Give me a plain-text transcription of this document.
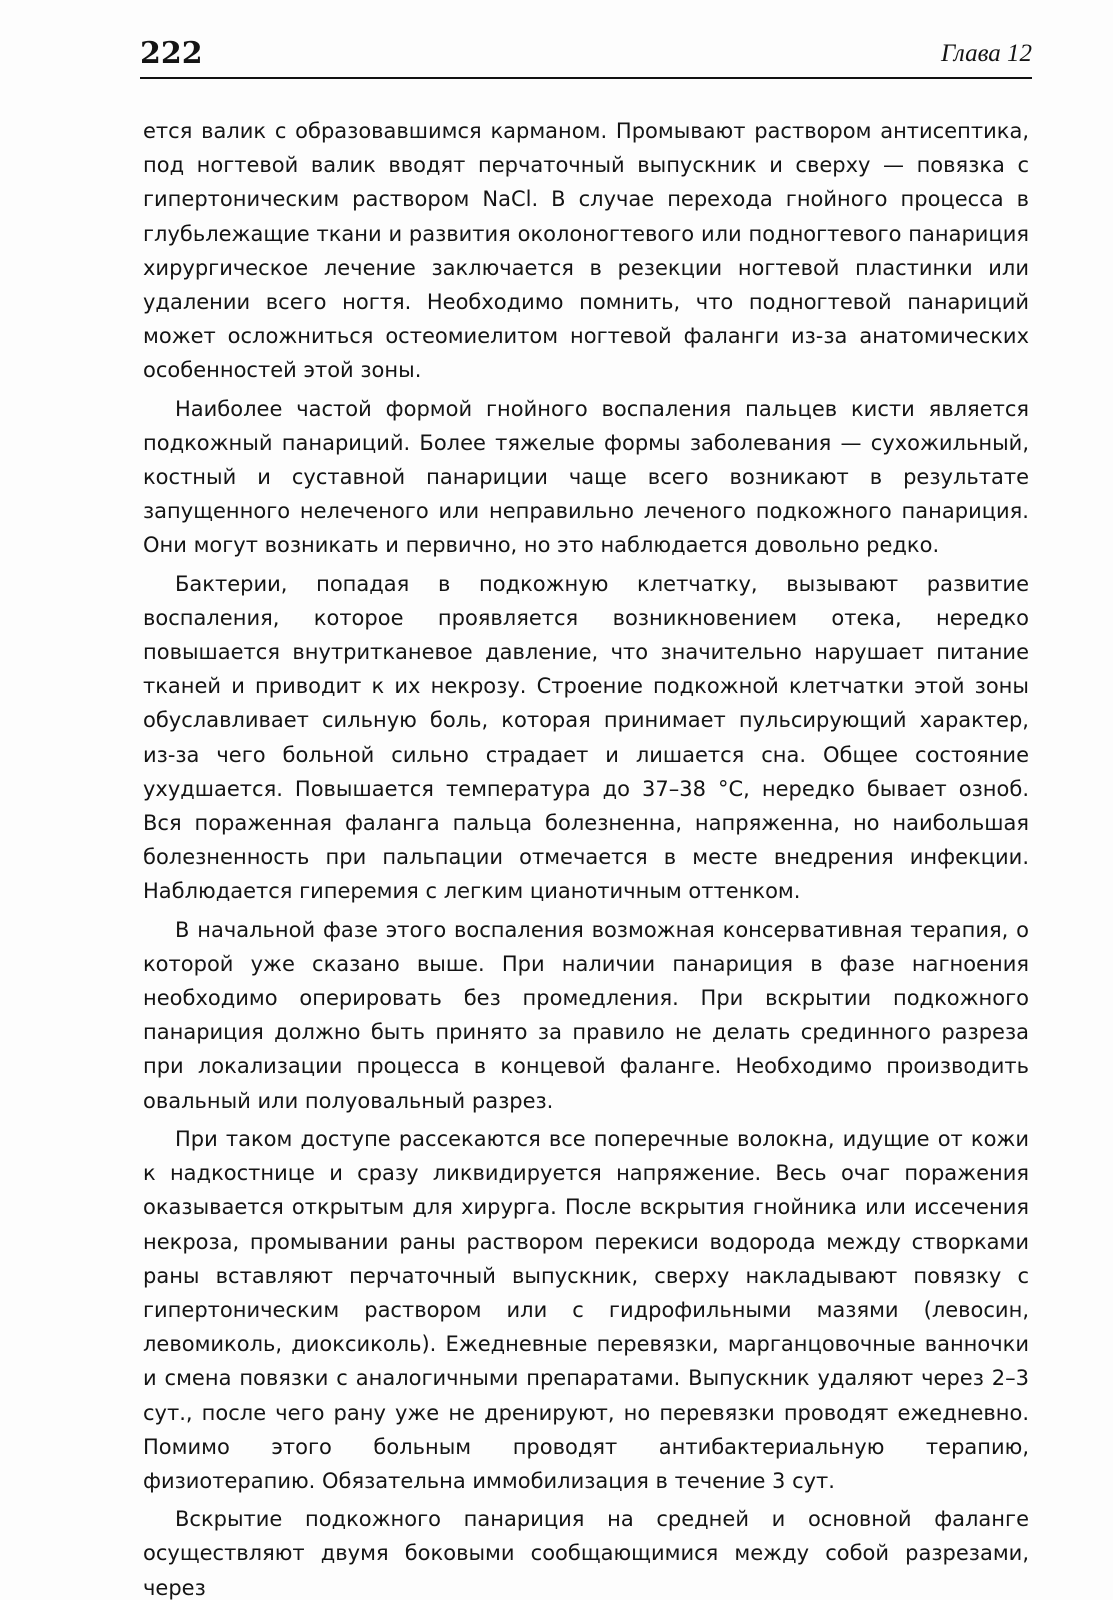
222	Глава 12

ется валик с образовавшимся карманом. Промывают раствором антисептика, под ногтевой валик вводят перчаточный выпускник и сверху — повязка с гипертоническим раствором NaCl. В случае перехода гнойного процесса в глубьлежащие ткани и развития околоногтевого или подногтевого панариция хирургическое лечение заключается в резекции ногтевой пластинки или удалении всего ногтя. Необходимо помнить, что подногтевой панариций может осложниться остеомиелитом ногтевой фаланги из-за анатомических особенностей этой зоны.

Наиболее частой формой гнойного воспаления пальцев кисти является подкожный панариций. Более тяжелые формы заболевания — сухожильный, костный и суставной панариции чаще всего возникают в результате запущенного нелеченого или неправильно леченого подкожного панариция. Они могут возникать и первично, но это наблюдается довольно редко.

Бактерии, попадая в подкожную клетчатку, вызывают развитие воспаления, которое проявляется возникновением отека, нередко повышается внутритканевое давление, что значительно нарушает питание тканей и приводит к их некрозу. Строение подкожной клетчатки этой зоны обуславливает сильную боль, которая принимает пульсирующий характер, из-за чего больной сильно страдает и лишается сна. Общее состояние ухудшается. Повышается температура до 37–38 °С, нередко бывает озноб. Вся пораженная фаланга пальца болезненна, напряженна, но наибольшая болезненность при пальпации отмечается в месте внедрения инфекции. Наблюдается гиперемия с легким цианотичным оттенком.

В начальной фазе этого воспаления возможная консервативная терапия, о которой уже сказано выше. При наличии панариция в фазе нагноения необходимо оперировать без промедления. При вскрытии подкожного панариция должно быть принято за правило не делать срединного разреза при локализации процесса в концевой фаланге. Необходимо производить овальный или полуовальный разрез.

При таком доступе рассекаются все поперечные волокна, идущие от кожи к надкостнице и сразу ликвидируется напряжение. Весь очаг поражения оказывается открытым для хирурга. После вскрытия гнойника или иссечения некроза, промывании раны раствором перекиси водорода между створками раны вставляют перчаточный выпускник, сверху накладывают повязку с гипертоническим раствором или с гидрофильными мазями (левосин, левомиколь, диоксиколь). Ежедневные перевязки, марганцовочные ванночки и смена повязки с аналогичными препаратами. Выпускник удаляют через 2–3 сут., после чего рану уже не дренируют, но перевязки проводят ежедневно. Помимо этого больным проводят антибактериальную терапию, физиотерапию. Обязательна иммобилизация в течение 3 сут.

Вскрытие подкожного панариция на средней и основной фаланге осуществляют двумя боковыми сообщающимися между собой разрезами, через
